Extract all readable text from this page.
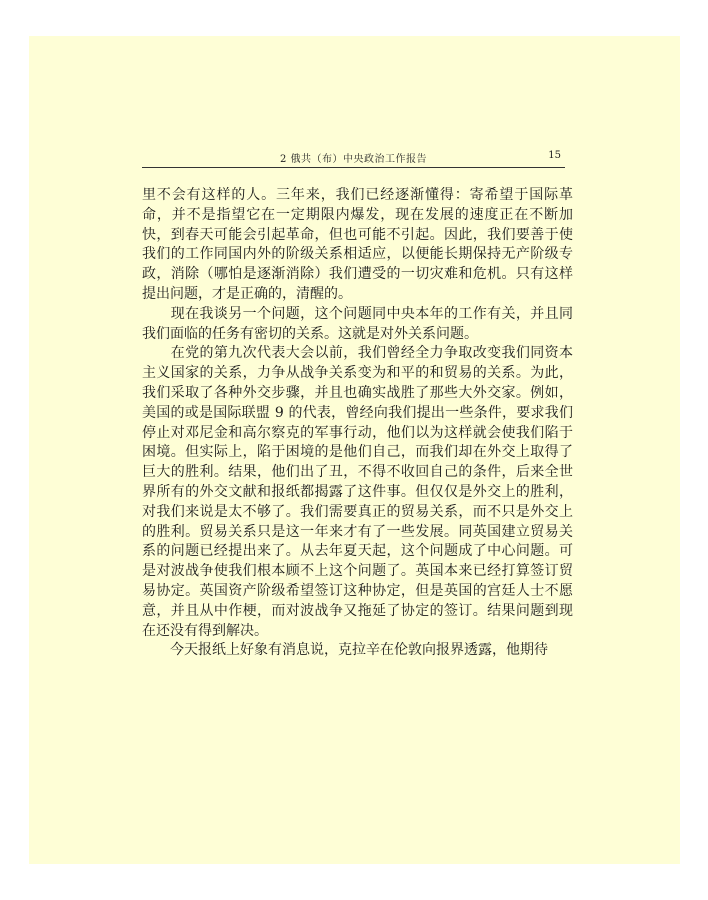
2 俄共（布）中央政治工作报告	15

里不会有这样的人。三年来，我们已经逐渐懂得：寄希望于国际革命，并不是指望它在一定期限内爆发，现在发展的速度正在不断加快，到春天可能会引起革命，但也可能不引起。因此，我们要善于使我们的工作同国内外的阶级关系相适应，以便能长期保持无产阶级专政，消除（哪怕是逐渐消除）我们遭受的一切灾难和危机。只有这样提出问题，才是正确的，清醒的。

　　现在我谈另一个问题，这个问题同中央本年的工作有关，并且同我们面临的任务有密切的关系。这就是对外关系问题。

　　在党的第九次代表大会以前，我们曾经全力争取改变我们同资本主义国家的关系，力争从战争关系变为和平的和贸易的关系。为此，我们采取了各种外交步骤，并且也确实战胜了那些大外交家。例如，美国的或是国际联盟 9 的代表，曾经向我们提出一些条件，要求我们停止对邓尼金和高尔察克的军事行动，他们以为这样就会使我们陷于困境。但实际上，陷于困境的是他们自己，而我们却在外交上取得了巨大的胜利。结果，他们出了丑，不得不收回自己的条件，后来全世界所有的外交文献和报纸都揭露了这件事。但仅仅是外交上的胜利，对我们来说是太不够了。我们需要真正的贸易关系，而不只是外交上的胜利。贸易关系只是这一年来才有了一些发展。同英国建立贸易关系的问题已经提出来了。从去年夏天起，这个问题成了中心问题。可是对波战争使我们根本顾不上这个问题了。英国本来已经打算签订贸易协定。英国资产阶级希望签订这种协定，但是英国的宫廷人士不愿意，并且从中作梗，而对波战争又拖延了协定的签订。结果问题到现在还没有得到解决。

　　今天报纸上好象有消息说，克拉辛在伦敦向报界透露，他期待
